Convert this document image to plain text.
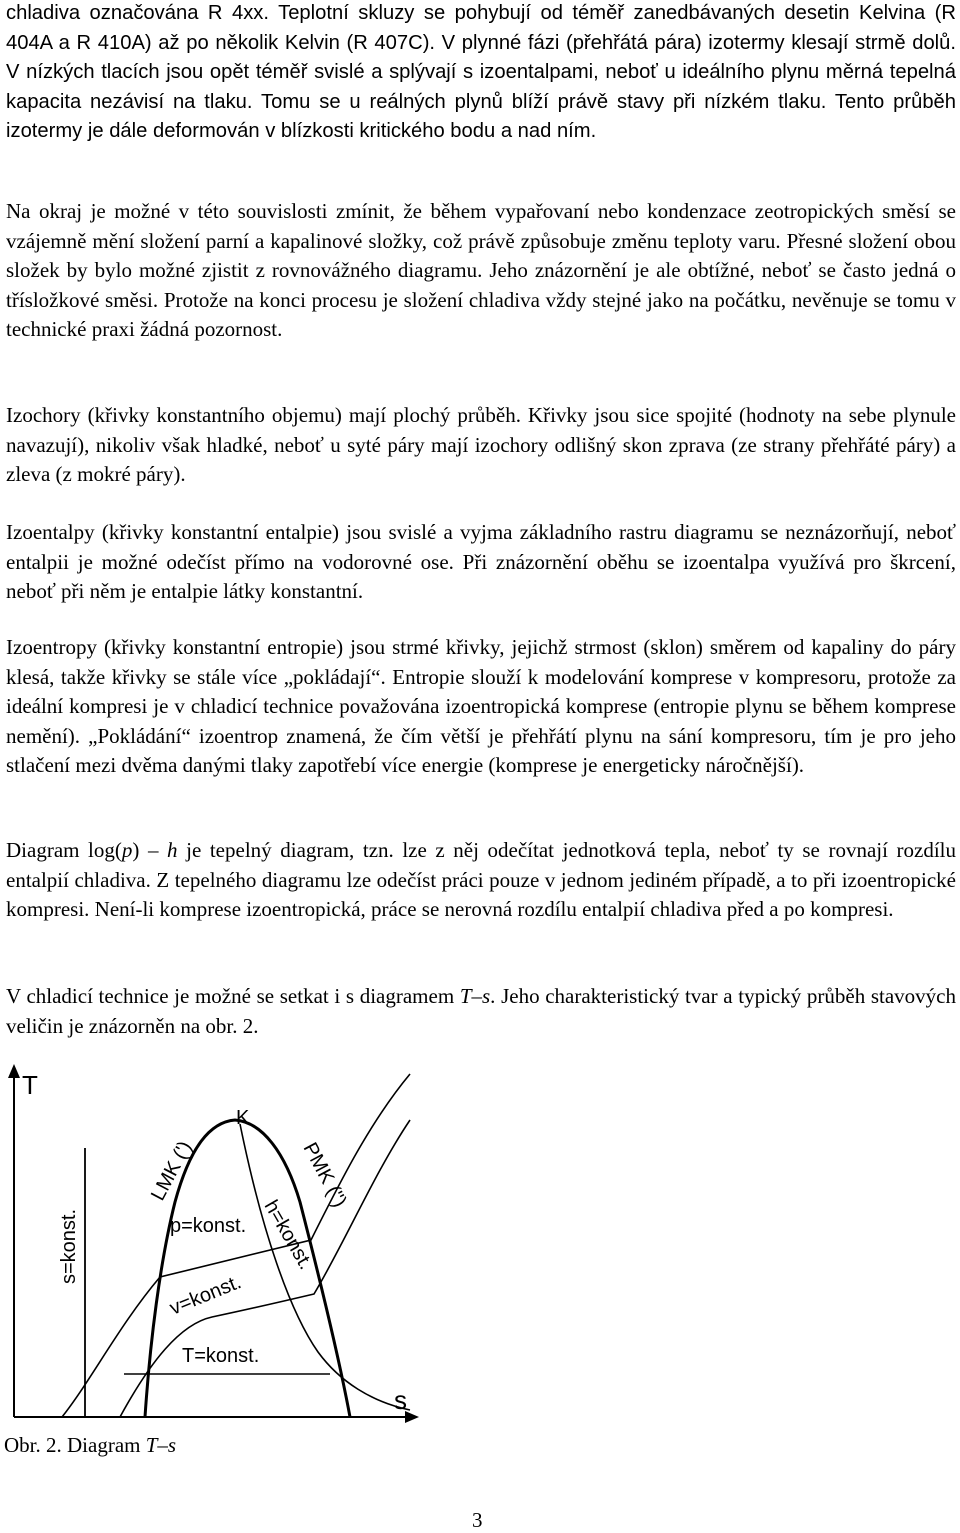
chladiva označována R 4xx. Teplotní skluzy se pohybují od téměř zanedbávaných desetin Kelvina (R 404A a R 410A) až po několik Kelvin (R 407C). V plynné fázi (přehřátá pára) izotermy klesají strmě dolů. V nízkých tlacích jsou opět téměř svislé a splývají s izoentalpami, neboť u ideálního plynu měrná tepelná kapacita nezávisí na tlaku. Tomu se u reálných plynů blíží právě stavy při nízkém tlaku. Tento průběh izotermy je dále deformován v blízkosti kritického bodu a nad ním.

Na okraj je možné v této souvislosti zmínit, že během vypařovaní nebo kondenzace zeotropických směsí se vzájemně mění složení parní a kapalinové složky, což právě způsobuje změnu teploty varu. Přesné složení obou složek by bylo možné zjistit z rovnovážného diagramu. Jeho znázornění je ale obtížné, neboť se často jedná o třísložkové směsi. Protože na konci procesu je složení chladiva vždy stejné jako na počátku, nevěnuje se tomu v technické praxi žádná pozornost.

Izochory (křivky konstantního objemu) mají plochý průběh. Křivky jsou sice spojité (hodnoty na sebe plynule navazují), nikoliv však hladké, neboť u syté páry mají izochory odlišný skon zprava (ze strany přehřáté páry) a zleva (z mokré páry).

Izoentalpy (křivky konstantní entalpie) jsou svislé a vyjma základního rastru diagramu se neznázorňují, neboť entalpii je možné odečíst přímo na vodorovné ose. Při znázornění oběhu se izoentalpa využívá pro škrcení, neboť při něm je entalpie látky konstantní.

Izoentropy (křivky konstantní entropie) jsou strmé křivky, jejichž strmost (sklon) směrem od kapaliny do páry klesá, takže křivky se stále více „pokládají“. Entropie slouží k modelování komprese v kompresoru, protože za ideální kompresi je v chladicí technice považována izoentropická komprese (entropie plynu se během komprese nemění). „Pokládání“ izoentrop znamená, že čím větší je přehřátí plynu na sání kompresoru, tím je pro jeho stlačení mezi dvěma danými tlaky zapotřebí více energie (komprese je energeticky náročnější).

Diagram log(p) – h je tepelný diagram, tzn. lze z něj odečítat jednotková tepla, neboť ty se rovnají rozdílu entalpií chladiva. Z tepelného diagramu lze odečíst práci pouze v jednom jediném případě, a to při izoentropické kompresi. Není-li komprese izoentropická, práce se nerovná rozdílu entalpií chladiva před a po kompresi.

V chladicí technice je možné se setkat i s diagramem T–s. Jeho charakteristický tvar a typický průběh stavových veličin je znázorněn na obr. 2.

T
s
K
LMK (')	PMK ('')
s=konst.	p=konst. h=konst.
v=konst.
T=konst.
Obr. 2. Diagram T–s
3
